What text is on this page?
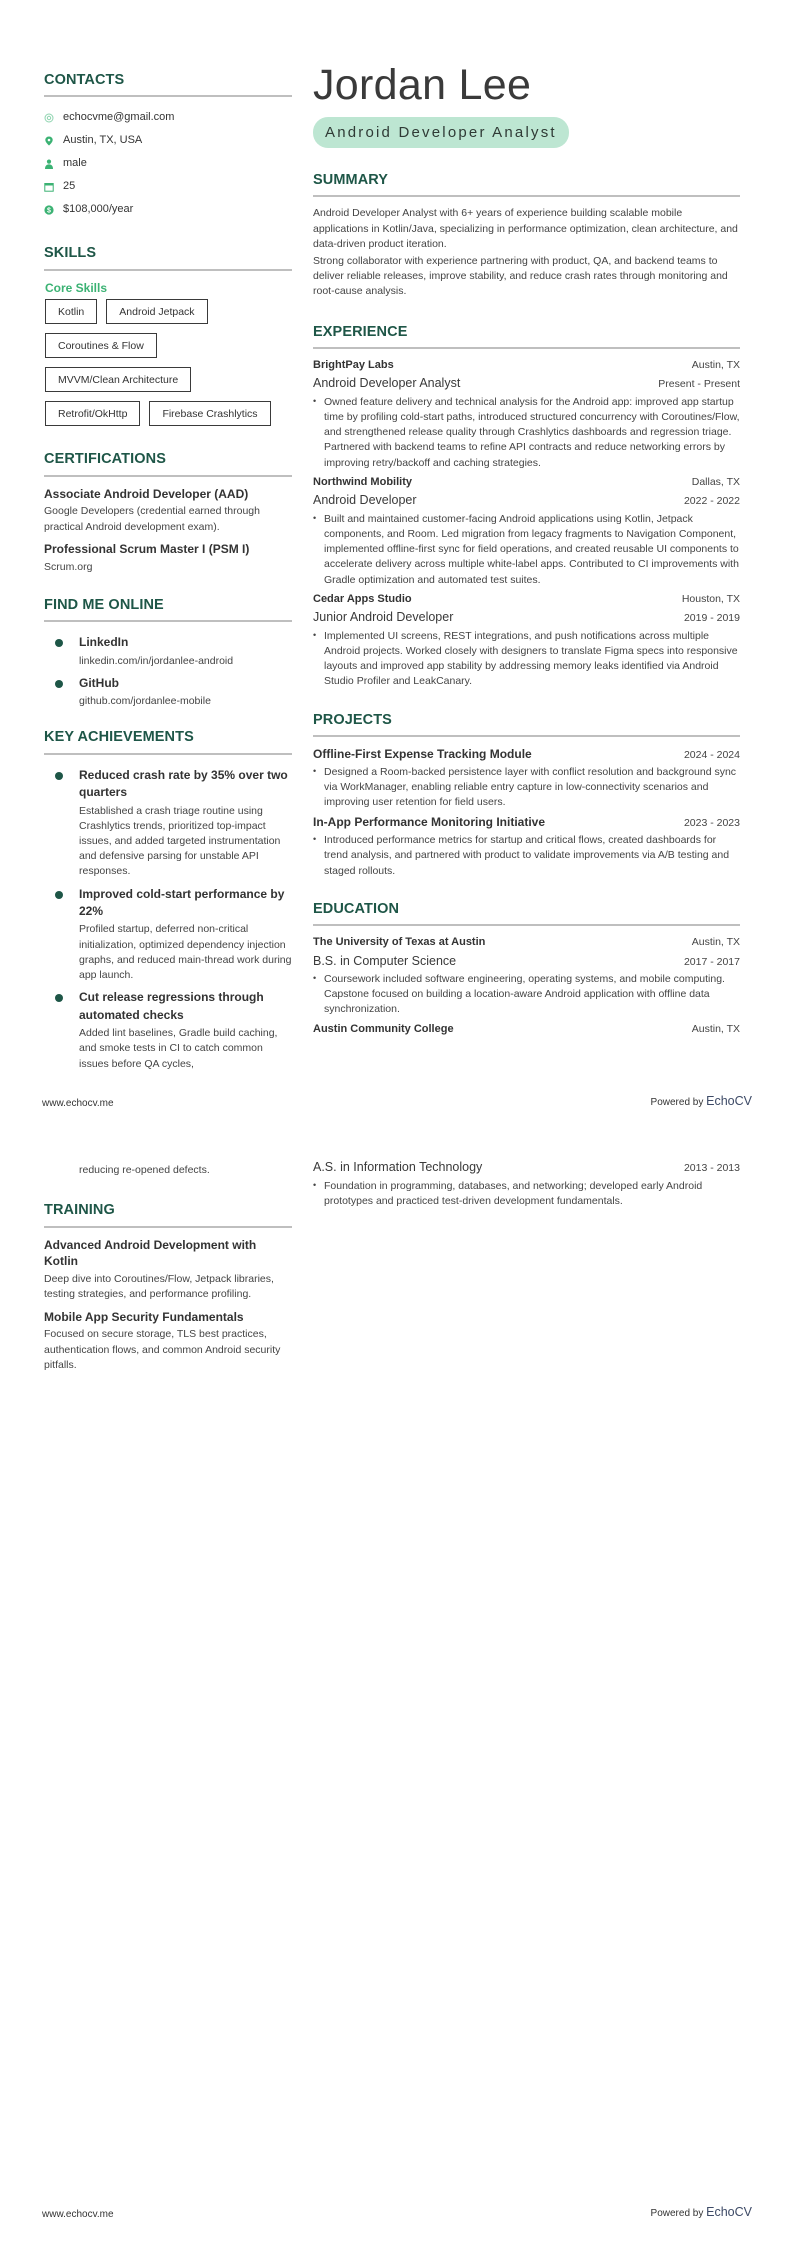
CONTACTS
echocvme@gmail.com
Austin, TX, USA
male
25
$ $108,000/year
SKILLS
Core Skills
Kotlin	Android Jetpack
Coroutines & Flow
MVVM/Clean Architecture
Retrofit/OkHttp	Firebase Crashlytics
CERTIFICATIONS
Associate Android Developer (AAD)
Google Developers (credential earned through practical Android development exam).
Professional Scrum Master I (PSM I)
Scrum.org
FIND ME ONLINE
LinkedIn
linkedin.com/in/jordanlee-android
GitHub
github.com/jordanlee-mobile
KEY ACHIEVEMENTS
Reduced crash rate by 35% over two quarters
Established a crash triage routine using Crashlytics trends, prioritized top-impact issues, and added targeted instrumentation and defensive parsing for unstable API responses.
Improved cold-start performance by 22%
Profiled startup, deferred non-critical initialization, optimized dependency injection graphs, and reduced main-thread work during app launch.
Cut release regressions through automated checks
Added lint baselines, Gradle build caching, and smoke tests in CI to catch common issues before QA cycles,
Jordan Lee
Android Developer Analyst
SUMMARY

Android Developer Analyst with 6+ years of experience building scalable mobile applications in Kotlin/Java, specializing in performance optimization, clean architecture, and data-driven product iteration.

Strong collaborator with experience partnering with product, QA, and backend teams to deliver reliable releases, improve stability, and reduce crash rates through monitoring and root-cause analysis.

EXPERIENCE
BrightPay Labs	Austin, TX
Android Developer Analyst	Present - Present
• Owned feature delivery and technical analysis for the Android app: improved app startup time by profiling cold-start paths, introduced structured concurrency with Coroutines/Flow, and strengthened release quality through Crashlytics dashboards and regression triage. Partnered with backend teams to refine API contracts and reduce networking errors by improving retry/backoff and caching strategies.
Northwind Mobility	Dallas, TX
Android Developer	2022 - 2022
• Built and maintained customer-facing Android applications using Kotlin, Jetpack components, and Room. Led migration from legacy fragments to Navigation Component, implemented offline-first sync for field operations, and created reusable UI components to accelerate delivery across multiple white-label apps. Contributed to CI improvements with Gradle optimization and automated test suites.
Cedar Apps Studio	Houston, TX
Junior Android Developer	2019 - 2019
• Implemented UI screens, REST integrations, and push notifications across multiple Android projects. Worked closely with designers to translate Figma specs into responsive layouts and improved app stability by addressing memory leaks identified via Android Studio Profiler and LeakCanary.
PROJECTS
Offline-First Expense Tracking Module	2024 - 2024
• Designed a Room-backed persistence layer with conflict resolution and background sync via WorkManager, enabling reliable entry capture in low-connectivity scenarios and improving user retention for field users.
In-App Performance Monitoring Initiative	2023 - 2023
• Introduced performance metrics for startup and critical flows, created dashboards for trend analysis, and partnered with product to validate improvements via A/B testing and staged rollouts.
EDUCATION
The University of Texas at Austin	Austin, TX
B.S. in Computer Science	2017 - 2017
• Coursework included software engineering, operating systems, and mobile computing. Capstone focused on building a location-aware Android application with offline data synchronization.
Austin Community College	Austin, TX
www.echocv.me	Powered by EchoCV
reducing re-opened defects.
TRAINING
Advanced Android Development with Kotlin
Deep dive into Coroutines/Flow, Jetpack libraries, testing strategies, and performance profiling.
Mobile App Security Fundamentals
Focused on secure storage, TLS best practices, authentication flows, and common Android security pitfalls.
A.S. in Information Technology	2013 - 2013
• Foundation in programming, databases, and networking; developed early Android prototypes and practiced test-driven development fundamentals.
www.echocv.me	Powered by EchoCV
